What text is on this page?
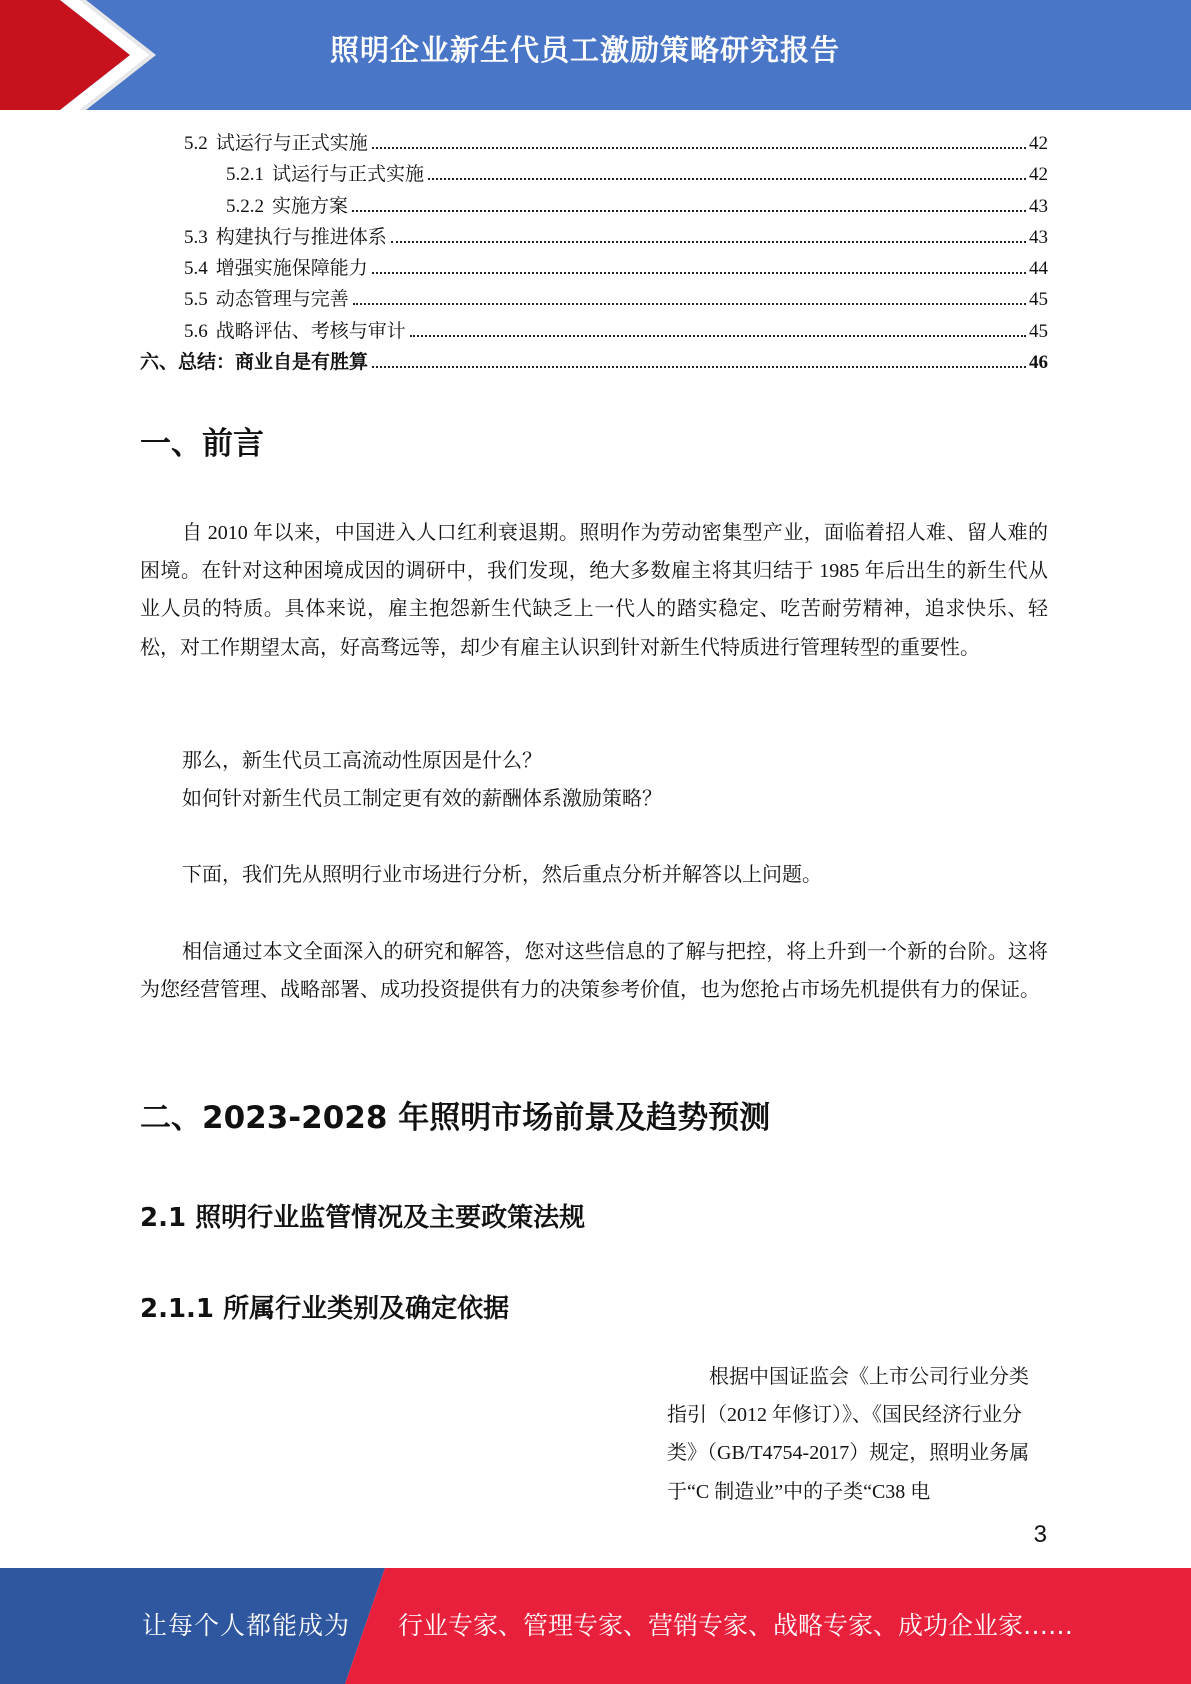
照明企业新生代员工激励策略研究报告
5.2 试运行与正式实施	42
5.2.1 试运行与正式实施	42
5.2.2 实施方案	43
5.3 构建执行与推进体系	43
5.4 增强实施保障能力	44
5.5 动态管理与完善	45
5.6 战略评估、考核与审计	45
六、 总结：商业自是有胜算	46
一、前言

自 2010 年以来，中国进入人口红利衰退期。照明作为劳动密集型产业，面临着招人难、留人难的困境。在针对这种困境成因的调研中，我们发现，绝大多数雇主将其归结于 1985 年后出生的新生代从业人员的特质。具体来说，雇主抱怨新生代缺乏上一代人的踏实稳定、吃苦耐劳精神，追求快乐、轻松，对工作期望太高，好高骛远等，却少有雇主认识到针对新生代特质进行管理转型的重要性。

那么，新生代员工高流动性原因是什么？

如何针对新生代员工制定更有效的薪酬体系激励策略？

下面，我们先从照明行业市场进行分析，然后重点分析并解答以上问题。

相信通过本文全面深入的研究和解答，您对这些信息的了解与把控，将上升到一个新的台阶。这将为您经营管理、战略部署、成功投资提供有力的决策参考价值，也为您抢占市场先机提供有力的保证。

二、2023-2028 年照明市场前景及趋势预测
2.1 照明行业监管情况及主要政策法规
2.1.1 所属行业类别及确定依据

根据中国证监会《上市公司行业分类指引（2012 年修订）》、《国民经济行业分类》（GB/T4754-2017）规定，照明业务属于“C 制造业”中的子类“C38 电

3
让每个人都能成为 行业专家、管理专家、营销专家、战略专家、成功企业家……
